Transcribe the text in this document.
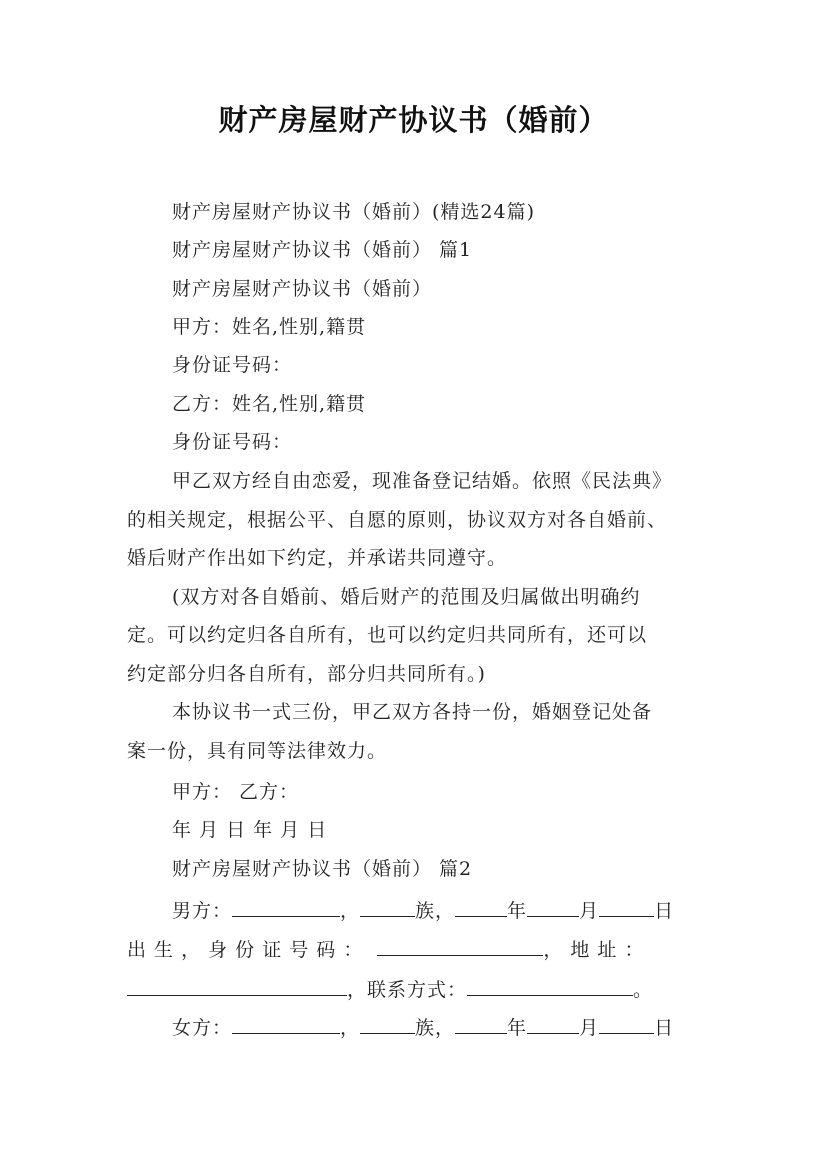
财产房屋财产协议书（婚前）
财产房屋财产协议书（婚前）(精选24篇)
财产房屋财产协议书（婚前） 篇1
财产房屋财产协议书（婚前）
甲方：姓名,性别,籍贯
身份证号码：
乙方：姓名,性别,籍贯
身份证号码：
甲乙双方经自由恋爱，现准备登记结婚。依照《民法典》
的相关规定，根据公平、自愿的原则，协议双方对各自婚前、
婚后财产作出如下约定，并承诺共同遵守。
(双方对各自婚前、婚后财产的范围及归属做出明确约
定。可以约定归各自所有，也可以约定归共同所有，还可以
约定部分归各自所有，部分归共同所有。)
本协议书一式三份，甲乙双方各持一份，婚姻登记处备
案一份，具有同等法律效力。
甲方： 乙方：
年 月 日 年 月 日
财产房屋财产协议书（婚前） 篇2
男方：	，	族，	年	月	日
出 生 ， 身 份 证 号 码 ：	， 地 址 ：
，联系方式：	。
女方：	，	族，	年	月	日
